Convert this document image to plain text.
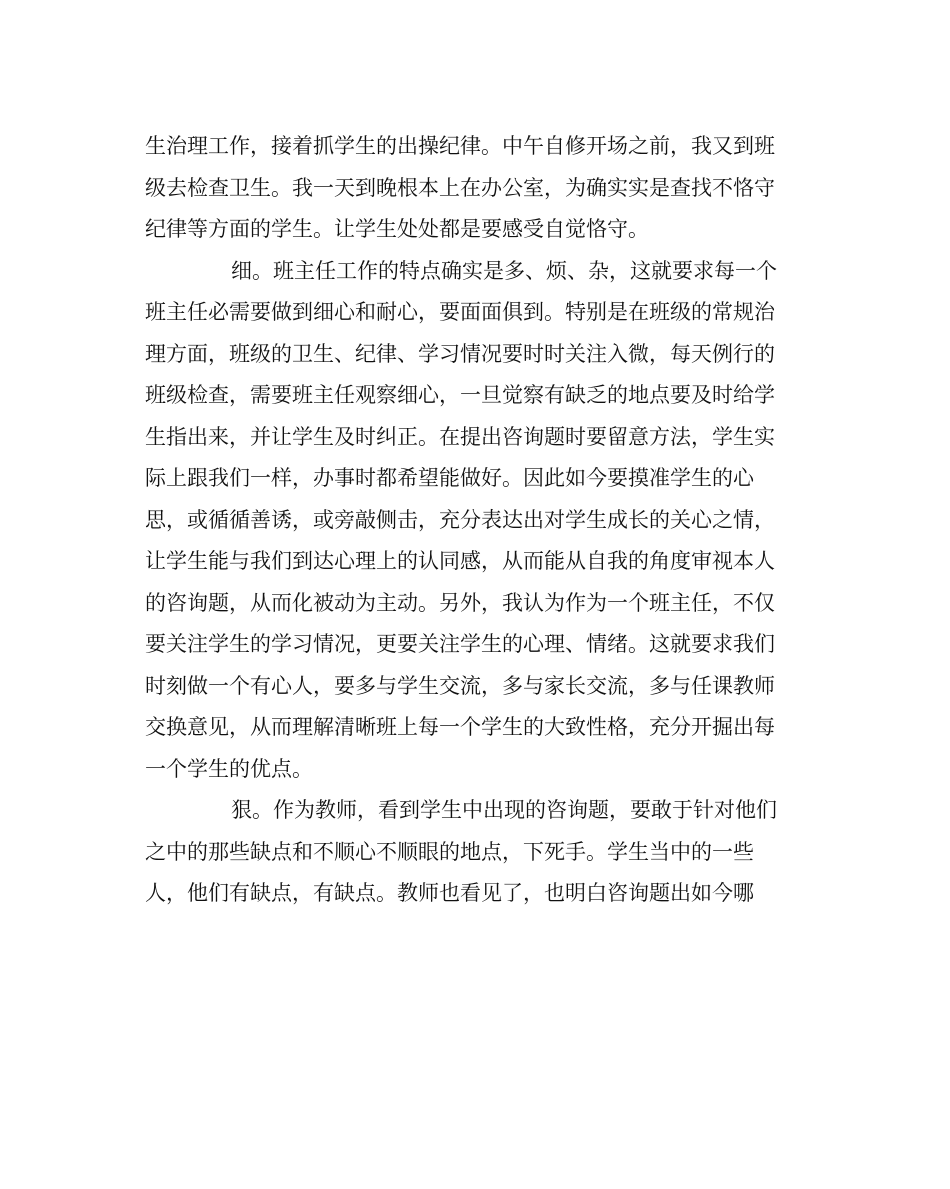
生治理工作，接着抓学生的出操纪律。中午自修开场之前，我又到班
级去检查卫生。我一天到晚根本上在办公室，为确实实是查找不恪守
纪律等方面的学生。让学生处处都是要感受自觉恪守。
细。班主任工作的特点确实是多、烦、杂，这就要求每一个
班主任必需要做到细心和耐心，要面面俱到。特别是在班级的常规治
理方面，班级的卫生、纪律、学习情况要时时关注入微，每天例行的
班级检查，需要班主任观察细心，一旦觉察有缺乏的地点要及时给学
生指出来，并让学生及时纠正。在提出咨询题时要留意方法，学生实
际上跟我们一样，办事时都希望能做好。因此如今要摸准学生的心
思，或循循善诱，或旁敲侧击，充分表达出对学生成长的关心之情，
让学生能与我们到达心理上的认同感，从而能从自我的角度审视本人
的咨询题，从而化被动为主动。另外，我认为作为一个班主任，不仅
要关注学生的学习情况，更要关注学生的心理、情绪。这就要求我们
时刻做一个有心人，要多与学生交流，多与家长交流，多与任课教师
交换意见，从而理解清晰班上每一个学生的大致性格，充分开掘出每
一个学生的优点。
狠。作为教师，看到学生中出现的咨询题，要敢于针对他们
之中的那些缺点和不顺心不顺眼的地点，下死手。学生当中的一些
人，他们有缺点，有缺点。教师也看见了，也明白咨询题出如今哪
